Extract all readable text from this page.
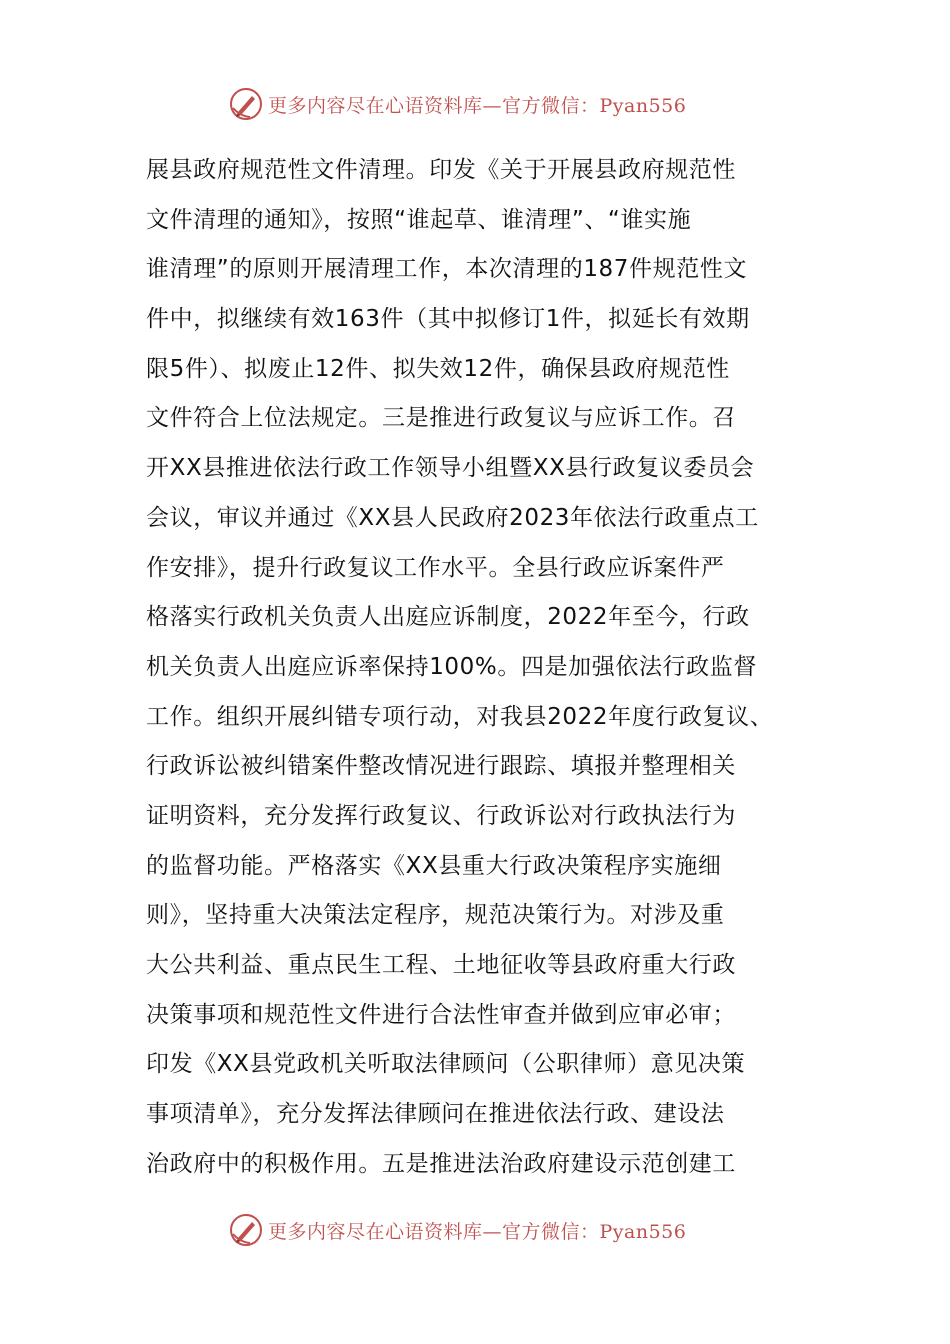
更多内容尽在心语资料库—官方微信：Pyan556
展县政府规范性文件清理。印发《关于开展县政府规范性
文件清理的通知》，按照“谁起草、谁清理”、“谁实施
谁清理”的原则开展清理工作，本次清理的187件规范性文
件中，拟继续有效163件（其中拟修订1件，拟延长有效期
限5件）、拟废止12件、拟失效12件，确保县政府规范性
文件符合上位法规定。三是推进行政复议与应诉工作。召
开XX县推进依法行政工作领导小组暨XX县行政复议委员会
会议，审议并通过《XX县人民政府2023年依法行政重点工
作安排》，提升行政复议工作水平。全县行政应诉案件严
格落实行政机关负责人出庭应诉制度，2022年至今，行政
机关负责人出庭应诉率保持100%。四是加强依法行政监督
工作。组织开展纠错专项行动，对我县2022年度行政复议、
行政诉讼被纠错案件整改情况进行跟踪、填报并整理相关
证明资料，充分发挥行政复议、行政诉讼对行政执法行为
的监督功能。严格落实《XX县重大行政决策程序实施细
则》，坚持重大决策法定程序，规范决策行为。对涉及重
大公共利益、重点民生工程、土地征收等县政府重大行政
决策事项和规范性文件进行合法性审查并做到应审必审；
印发《XX县党政机关听取法律顾问（公职律师）意见决策
事项清单》，充分发挥法律顾问在推进依法行政、建设法
治政府中的积极作用。五是推进法治政府建设示范创建工
更多内容尽在心语资料库—官方微信：Pyan556
